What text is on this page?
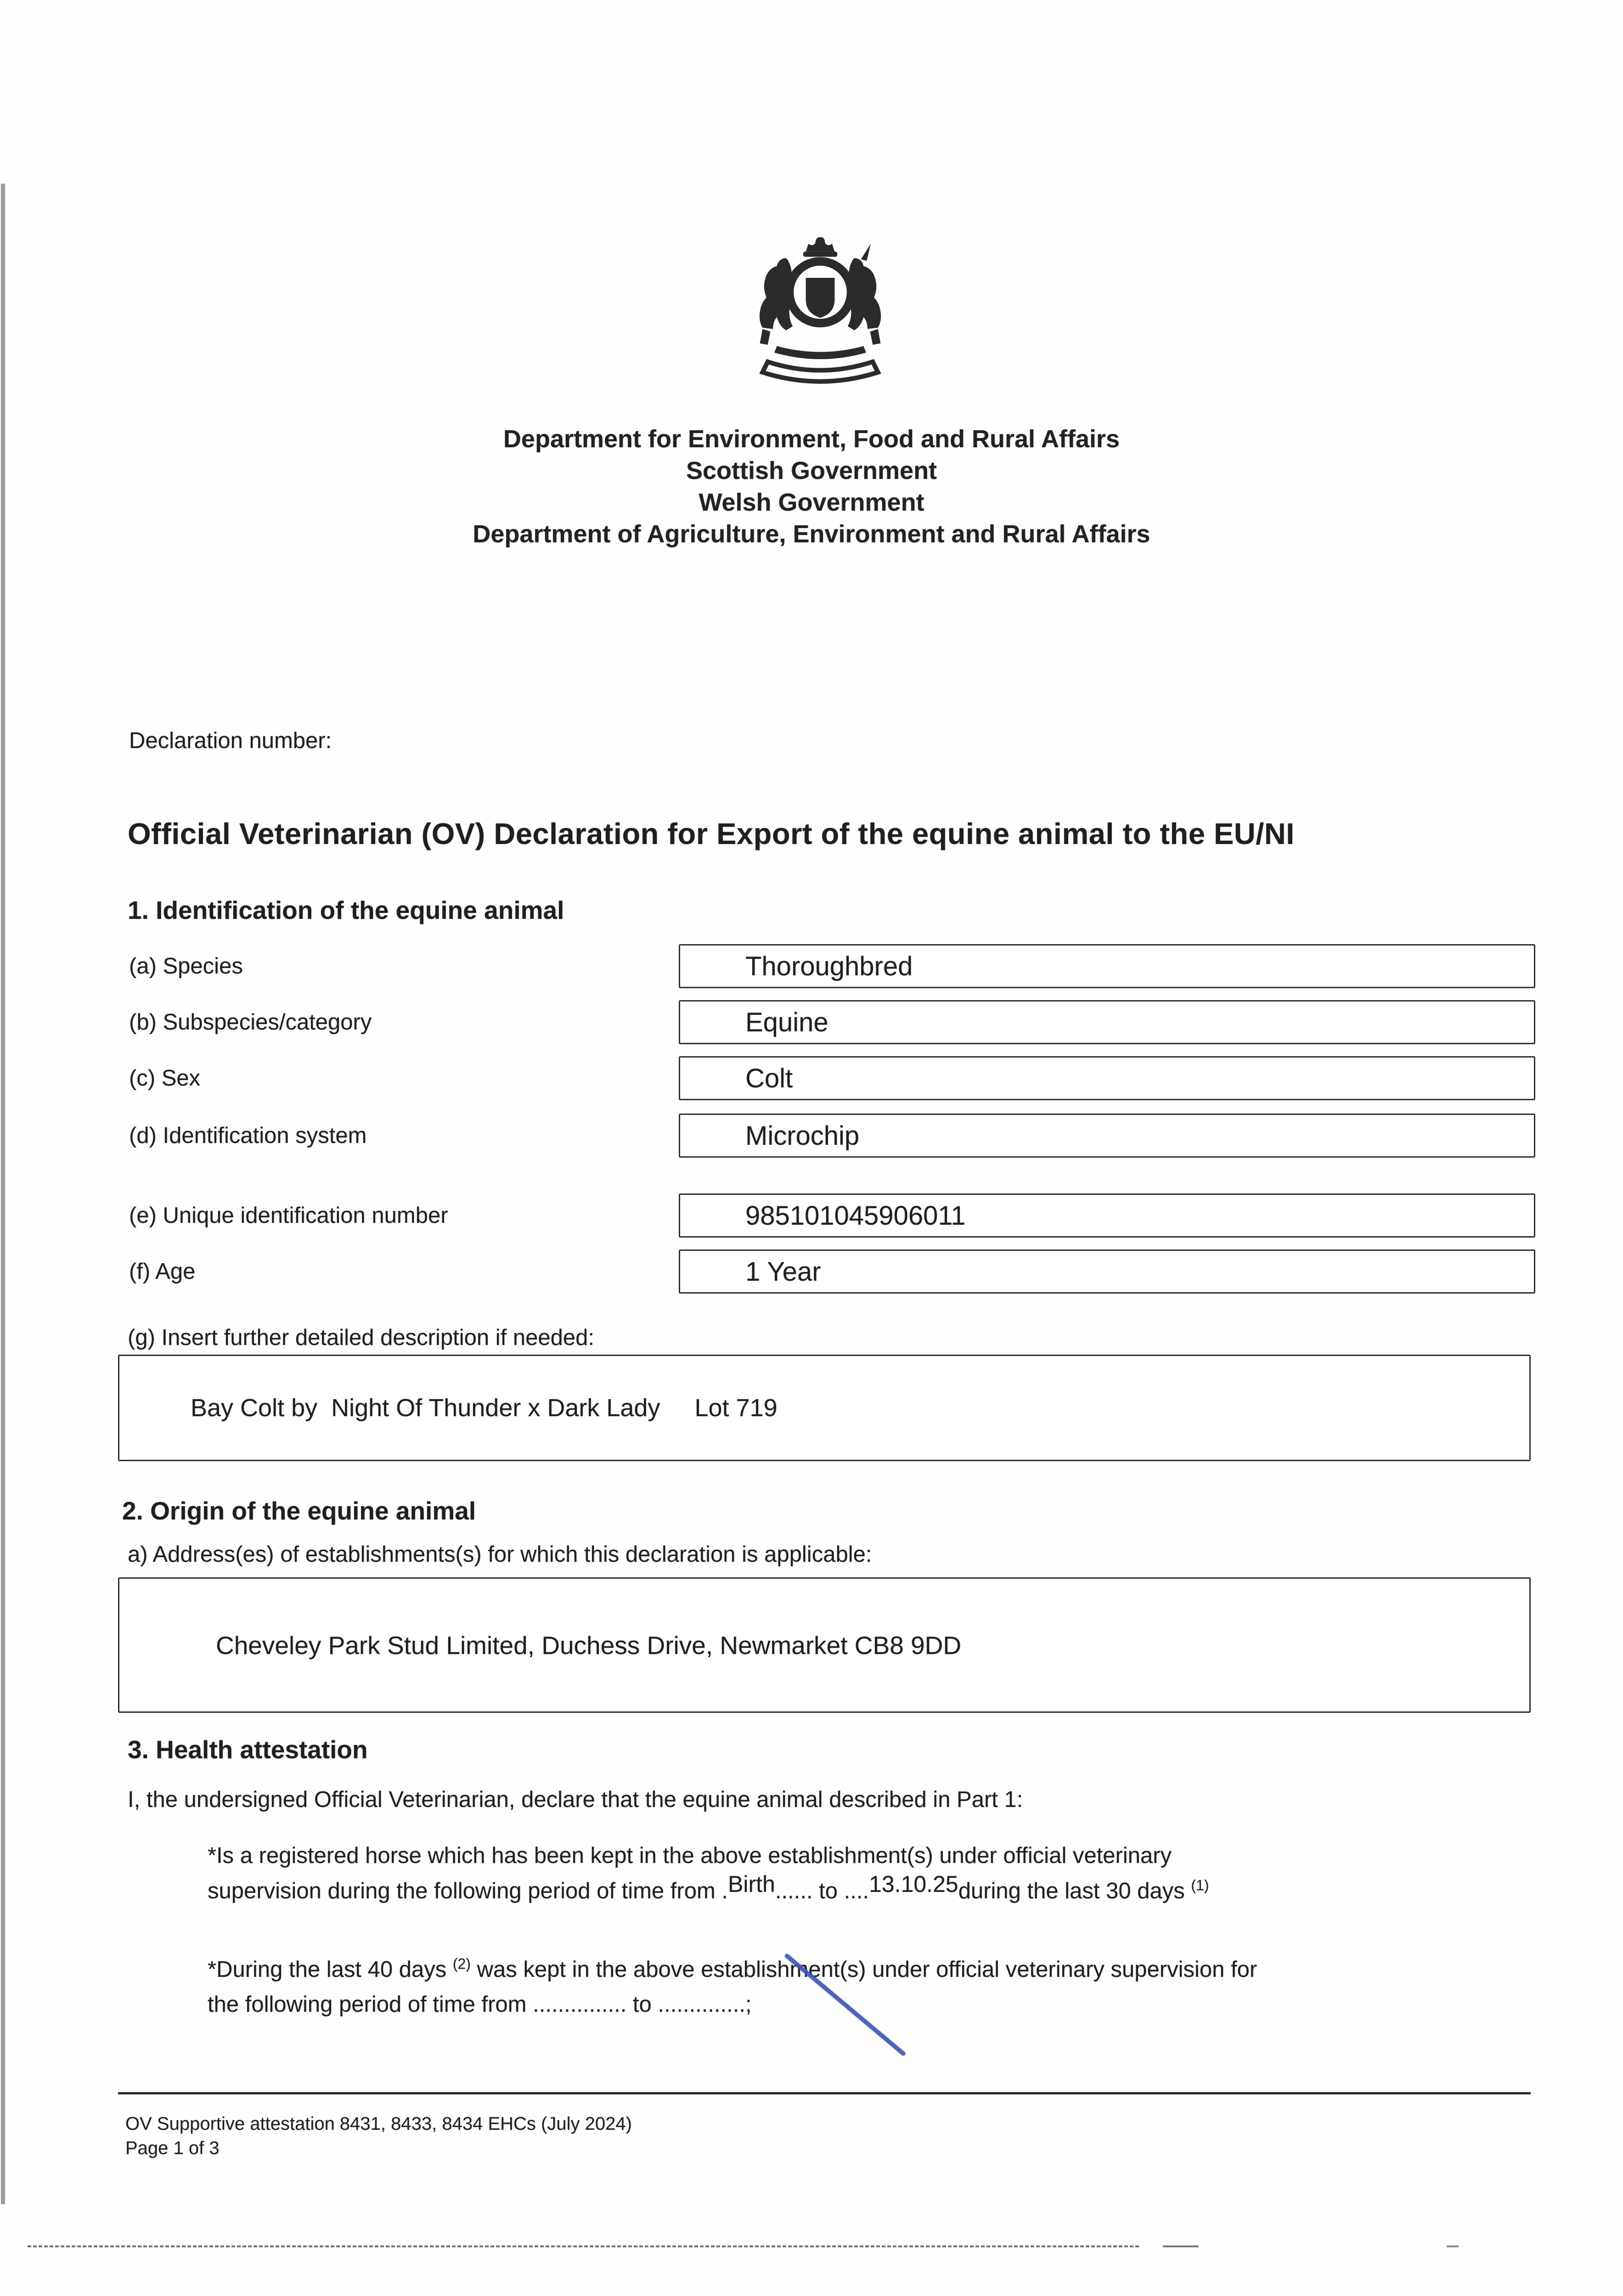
Department for Environment, Food and Rural Affairs
Scottish Government
Welsh Government
Department of Agriculture, Environment and Rural Affairs
Declaration number:
Official Veterinarian (OV) Declaration for Export of the equine animal to the EU/NI
1. Identification of the equine animal
(a) Species	Thoroughbred
(b) Subspecies/category	Equine
(c) Sex	Colt
(d) Identification system	Microchip
(e) Unique identification number	985101045906011
(f) Age	1 Year
(g) Insert further detailed description if needed:
Bay Colt by  Night Of Thunder x Dark Lady     Lot 719
2. Origin of the equine animal
a) Address(es) of establishments(s) for which this declaration is applicable:
Cheveley Park Stud Limited, Duchess Drive, Newmarket CB8 9DD
3. Health attestation
I, the undersigned Official Veterinarian, declare that the equine animal described in Part 1:
*Is a registered horse which has been kept in the above establishment(s) under official veterinary
supervision during the following period of time from .Birth...... to ....13.10.25during the last 30 days $^{(1)}$
*During the last 40 days $^{(2)}$ was kept in the above establishment(s) under official veterinary supervision for
the following period of time from ............... to ..............;
OV Supportive attestation 8431, 8433, 8434 EHCs (July 2024)
Page 1 of 3
